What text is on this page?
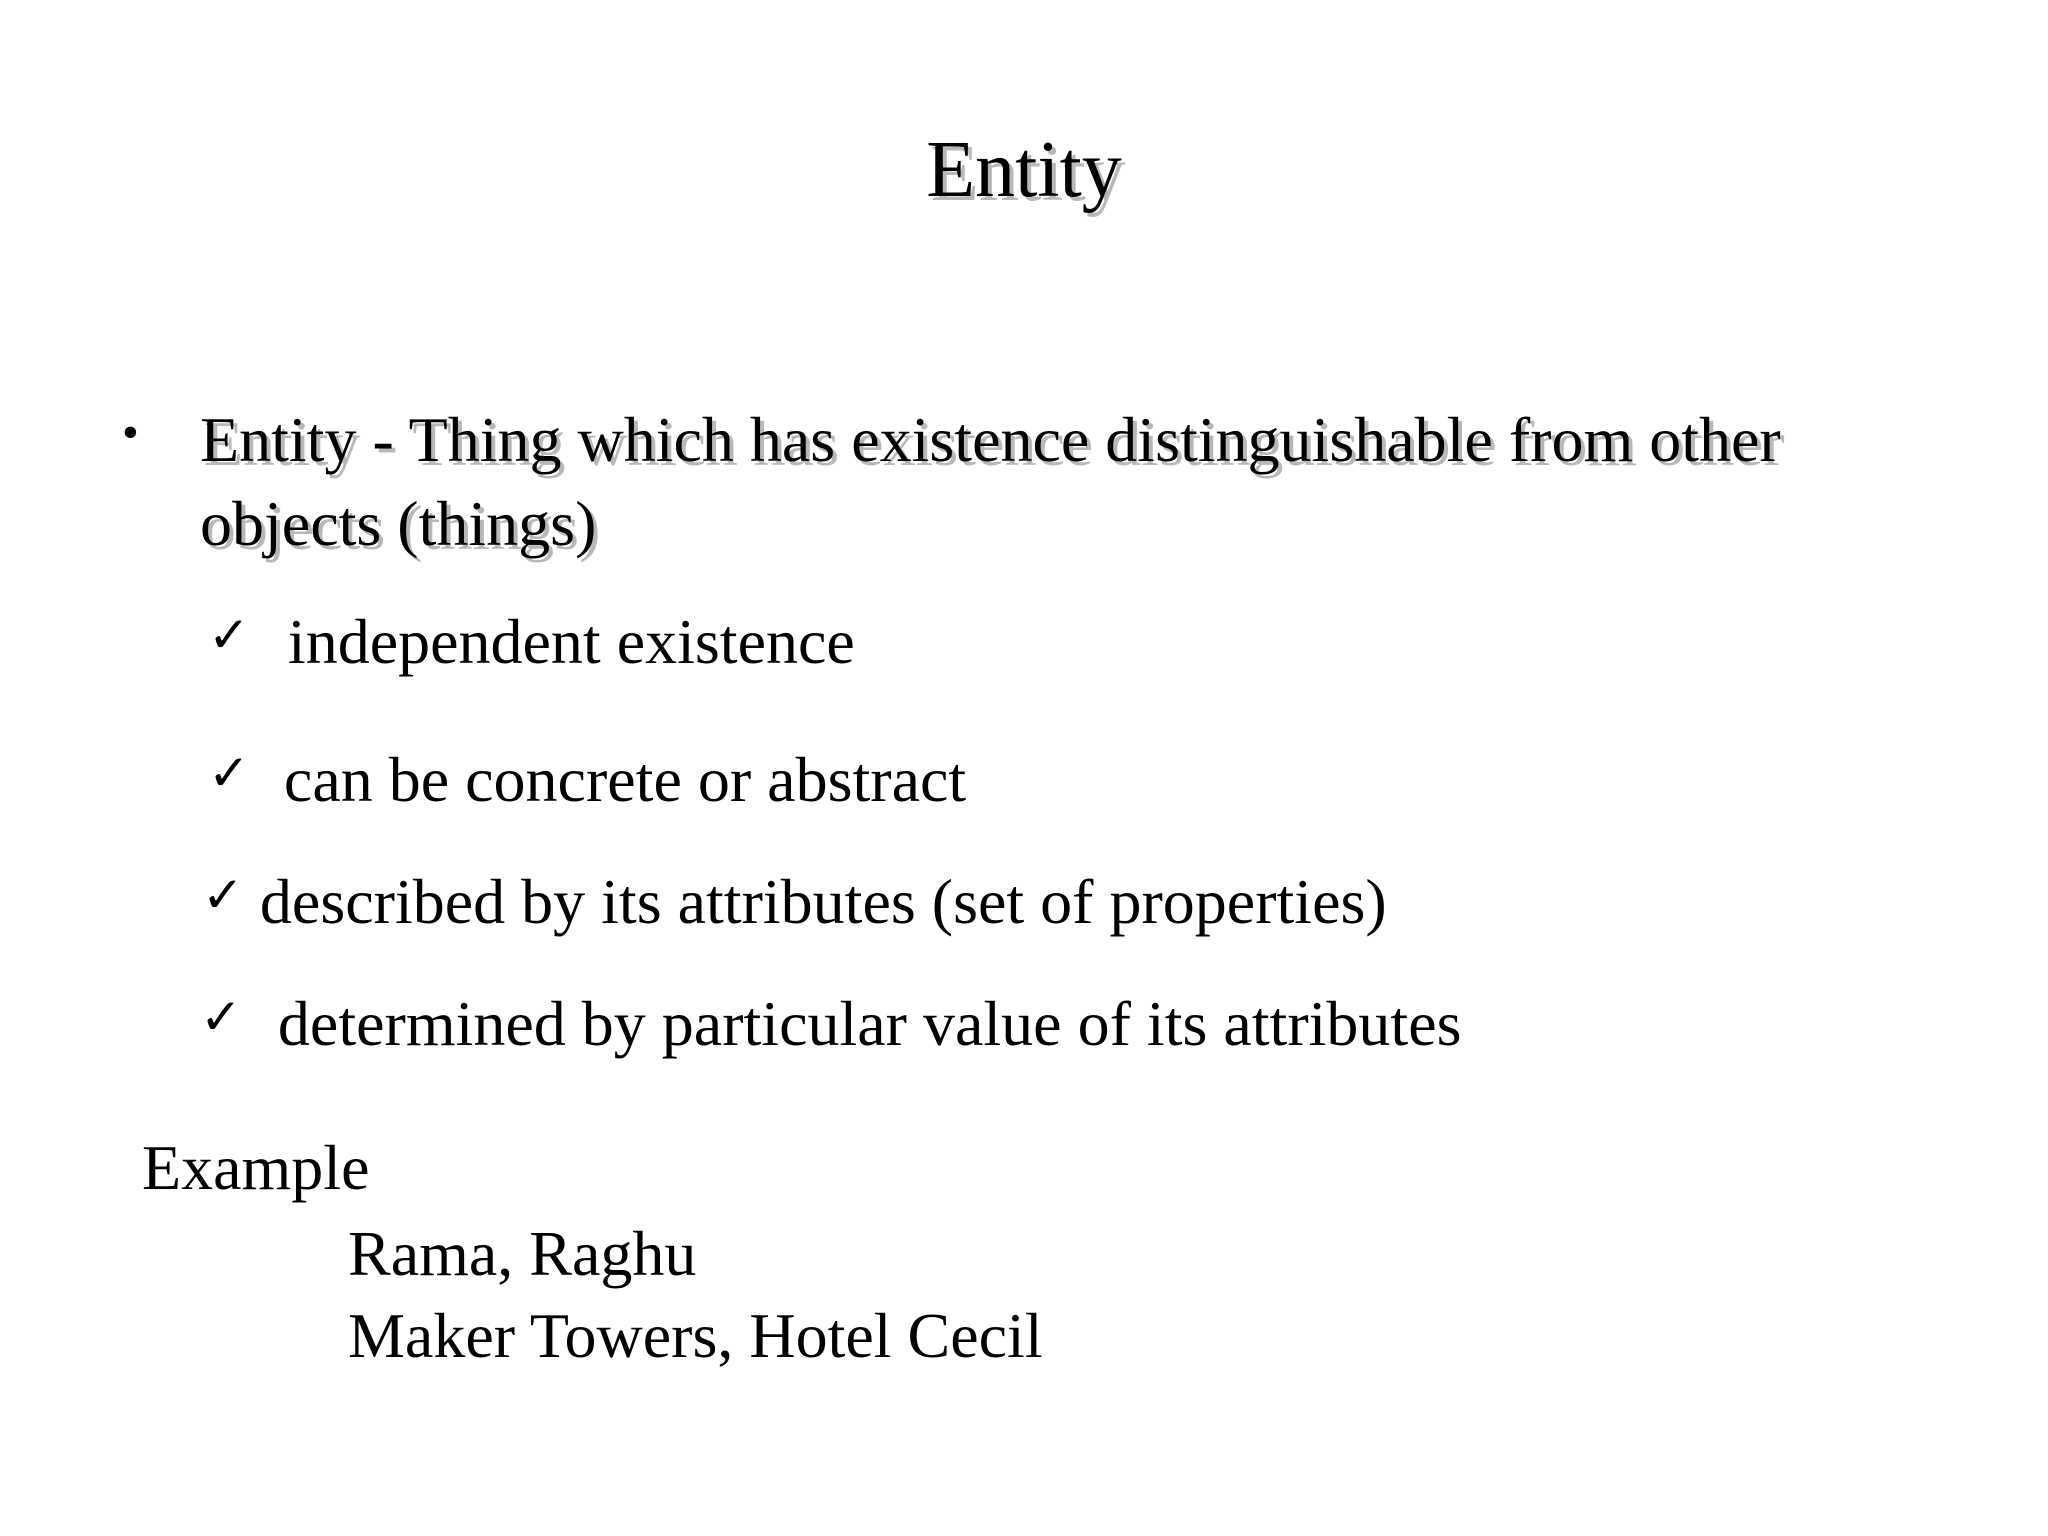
Entity
• Entity - Thing which has existence distinguishable from other objects (things)
✓ independent existence
✓ can be concrete or abstract
✓ described by its attributes (set of properties)
✓ determined by particular value of its attributes
Example
Rama, Raghu
Maker Towers, Hotel Cecil
